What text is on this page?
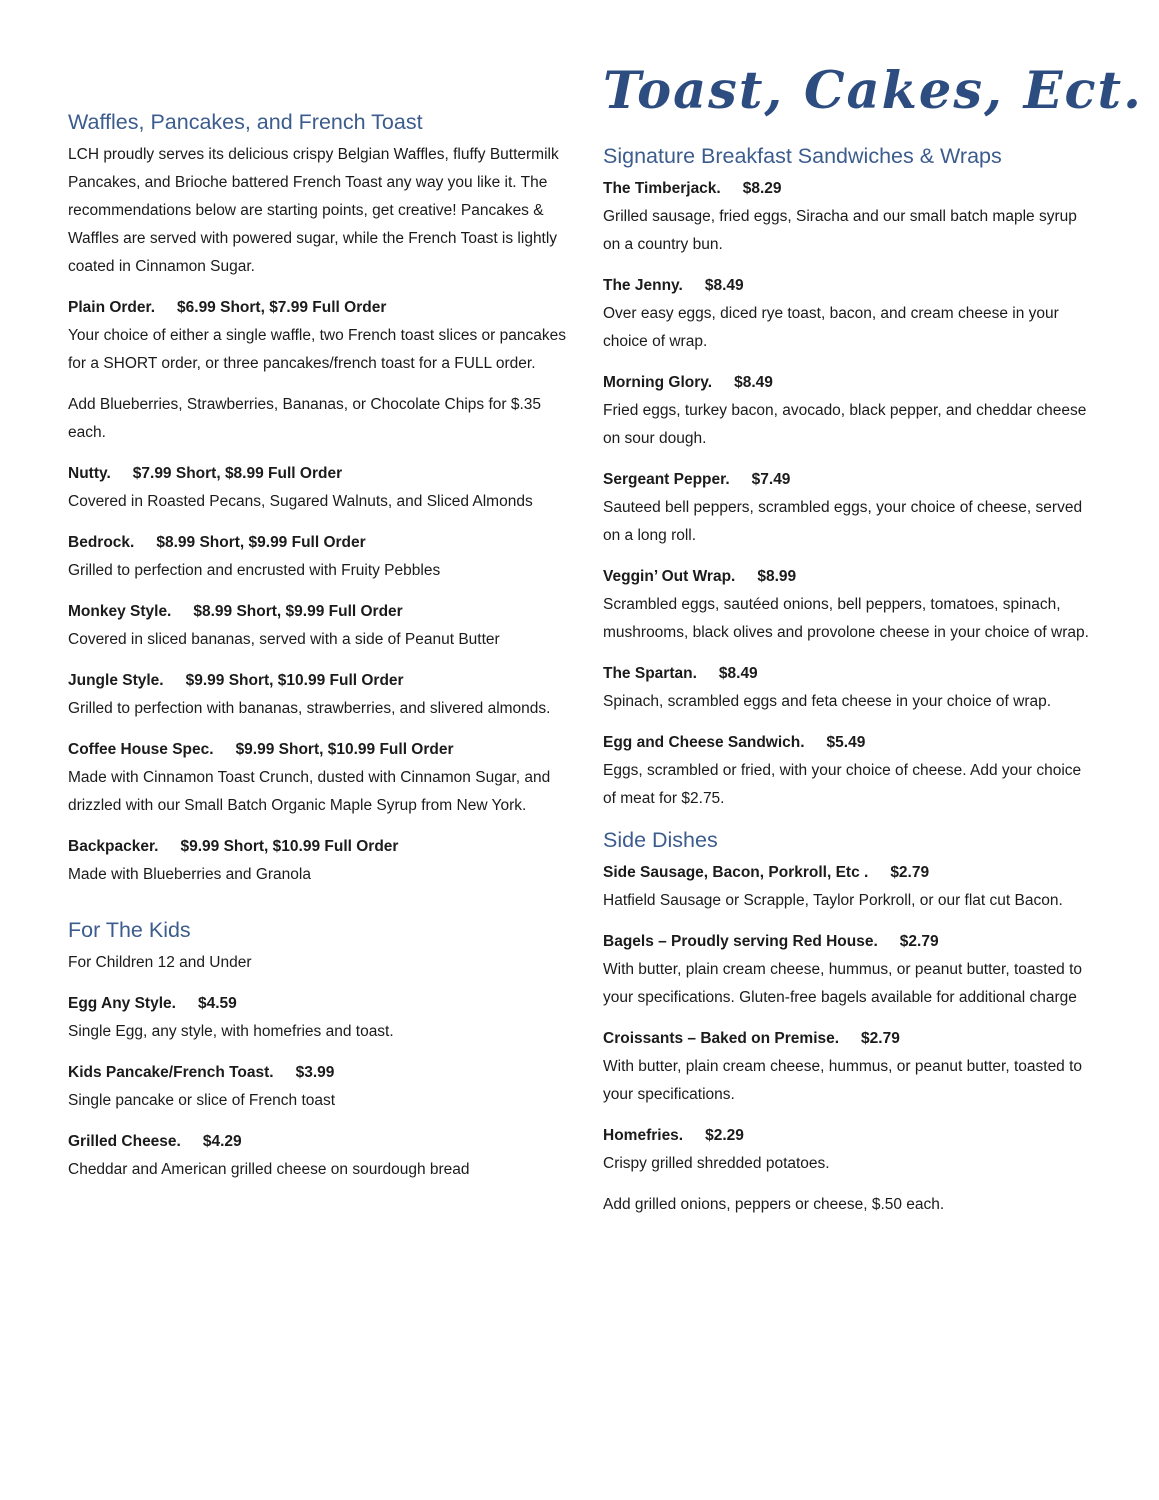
Waffles, Pancakes, and French Toast

LCH proudly serves its delicious crispy Belgian Waffles, fluffy Buttermilk Pancakes, and Brioche battered French Toast any way you like it. The recommendations below are starting points, get creative! Pancakes & Waffles are served with powered sugar, while the French Toast is lightly coated in Cinnamon Sugar.

Plain Order. $6.99 Short, $7.99 Full Order

Your choice of either a single waffle, two French toast slices or pancakes for a SHORT order, or three pancakes/french toast for a FULL order.

Add Blueberries, Strawberries, Bananas, or Chocolate Chips for $.35 each.

Nutty. $7.99 Short, $8.99 Full Order

Covered in Roasted Pecans, Sugared Walnuts, and Sliced Almonds

Bedrock. $8.99 Short, $9.99 Full Order

Grilled to perfection and encrusted with Fruity Pebbles

Monkey Style. $8.99 Short, $9.99 Full Order

Covered in sliced bananas, served with a side of Peanut Butter

Jungle Style. $9.99 Short, $10.99 Full Order

Grilled to perfection with bananas, strawberries, and slivered almonds.

Coffee House Spec. $9.99 Short, $10.99 Full Order

Made with Cinnamon Toast Crunch, dusted with Cinnamon Sugar, and drizzled with our Small Batch Organic Maple Syrup from New York.

Backpacker. $9.99 Short, $10.99 Full Order

Made with Blueberries and Granola

For The Kids

For Children 12 and Under

Egg Any Style. $4.59

Single Egg, any style, with homefries and toast.

Kids Pancake/French Toast. $3.99

Single pancake or slice of French toast

Grilled Cheese. $4.29

Cheddar and American grilled cheese on sourdough bread

Toast, Cakes, Ect.

Signature Breakfast Sandwiches & Wraps

The Timberjack. $8.29

Grilled sausage, fried eggs, Siracha and our small batch maple syrup on a country bun.

The Jenny. $8.49

Over easy eggs, diced rye toast, bacon, and cream cheese in your choice of wrap.

Morning Glory. $8.49

Fried eggs, turkey bacon, avocado, black pepper, and cheddar cheese on sour dough.

Sergeant Pepper. $7.49

Sauteed bell peppers, scrambled eggs, your choice of cheese, served on a long roll.

Veggin’ Out Wrap. $8.99

Scrambled eggs, sautéed onions, bell peppers, tomatoes, spinach, mushrooms, black olives and provolone cheese in your choice of wrap.

The Spartan. $8.49

Spinach, scrambled eggs and feta cheese in your choice of wrap.

Egg and Cheese Sandwich. $5.49

Eggs, scrambled or fried, with your choice of cheese. Add your choice of meat for $2.75.

Side Dishes

Side Sausage, Bacon, Porkroll, Etc . $2.79

Hatfield Sausage or Scrapple, Taylor Porkroll, or our flat cut Bacon.

Bagels – Proudly serving Red House. $2.79

With butter, plain cream cheese, hummus, or peanut butter, toasted to your specifications. Gluten-free bagels available for additional charge

Croissants – Baked on Premise. $2.79

With butter, plain cream cheese, hummus, or peanut butter, toasted to your specifications.

Homefries. $2.29

Crispy grilled shredded potatoes.

Add grilled onions, peppers or cheese, $.50 each.
